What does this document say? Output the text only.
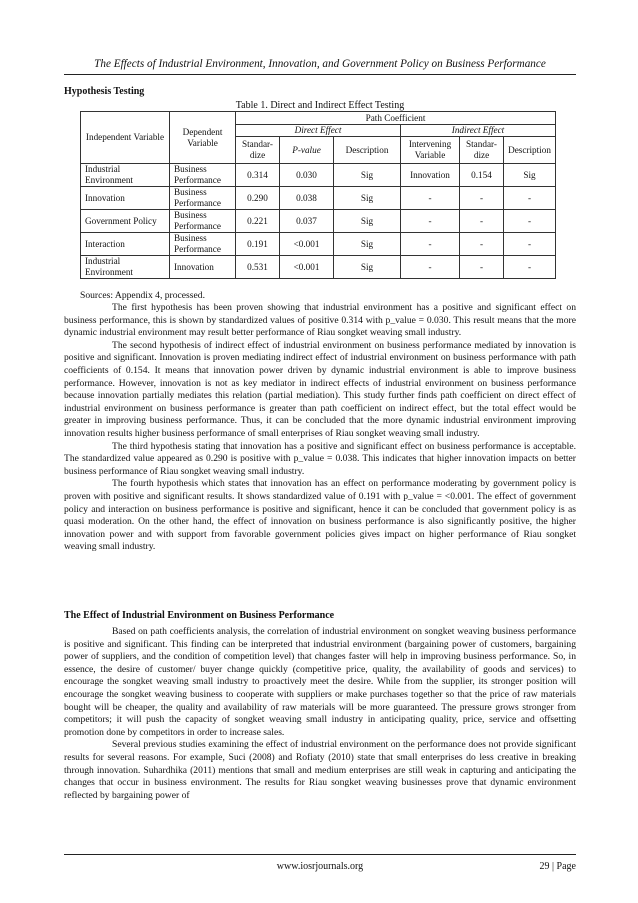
The Effects of Industrial Environment, Innovation, and Government Policy on Business Performance
Hypothesis Testing
Table 1. Direct and Indirect Effect Testing
Independent Variable	Dependent Variable	Path Coefficient					
		Direct Effect			Indirect Effect		
		Standar-dize	P-value	Description	Intervening Variable	Standar-dize	Description
Industrial Environment	Business Performance	0.314	0.030	Sig	Innovation	0.154	Sig
Innovation	Business Performance	0.290	0.038	Sig	-	-	-
Government Policy	Business Performance	0.221	0.037	Sig	-	-	-
Interaction	Business Performance	0.191	<0.001	Sig	-	-	-
Industrial Environment	Innovation	0.531	<0.001	Sig	-	-	-
Sources: Appendix 4, processed.

The first hypothesis has been proven showing that industrial environment has a positive and significant effect on business performance, this is shown by standardized values of positive 0.314 with p_value = 0.030. This result means that the more dynamic industrial environment may result better performance of Riau songket weaving small industry.

The second hypothesis of indirect effect of industrial environment on business performance mediated by innovation is positive and significant. Innovation is proven mediating indirect effect of industrial environment on business performance with path coefficients of 0.154. It means that innovation power driven by dynamic industrial environment is able to improve business performance. However, innovation is not as key mediator in indirect effects of industrial environment on business performance because innovation partially mediates this relation (partial mediation). This study further finds path coefficient on direct effect of industrial environment on business performance is greater than path coefficient on indirect effect, but the total effect would be greater in improving business performance. Thus, it can be concluded that the more dynamic industrial environment improving innovation results higher business performance of small enterprises of Riau songket weaving small industry.

The third hypothesis stating that innovation has a positive and significant effect on business performance is acceptable. The standardized value appeared as 0.290 is positive with p_value = 0.038. This indicates that higher innovation impacts on better business performance of Riau songket weaving small industry.

The fourth hypothesis which states that innovation has an effect on performance moderating by government policy is proven with positive and significant results. It shows standardized value of 0.191 with p_value = <0.001. The effect of government policy and interaction on business performance is positive and significant, hence it can be concluded that government policy is as quasi moderation. On the other hand, the effect of innovation on business performance is also significantly positive, the higher innovation power and with support from favorable government policies gives impact on higher performance of Riau songket weaving small industry.

The Effect of Industrial Environment on Business Performance

Based on path coefficients analysis, the correlation of industrial environment on songket weaving business performance is positive and significant. This finding can be interpreted that industrial environment (bargaining power of customers, bargaining power of suppliers, and the condition of competition level) that changes faster will help in improving business performance. So, in essence, the desire of customer/ buyer change quickly (competitive price, quality, the availability of goods and services) to encourage the songket weaving small industry to proactively meet the desire. While from the supplier, its stronger position will encourage the songket weaving business to cooperate with suppliers or make purchases together so that the price of raw materials bought will be cheaper, the quality and availability of raw materials will be more guaranteed. The pressure grows stronger from competitors; it will push the capacity of songket weaving small industry in anticipating quality, price, service and offsetting promotion done by competitors in order to increase sales.

Several previous studies examining the effect of industrial environment on the performance does not provide significant results for several reasons. For example, Suci (2008) and Rofiaty (2010) state that small enterprises do less creative in breaking through innovation. Suhardhika (2011) mentions that small and medium enterprises are still weak in capturing and anticipating the changes that occur in business environment. The results for Riau songket weaving businesses prove that dynamic environment reflected by bargaining power of

www.iosrjournals.org	29 | Page
